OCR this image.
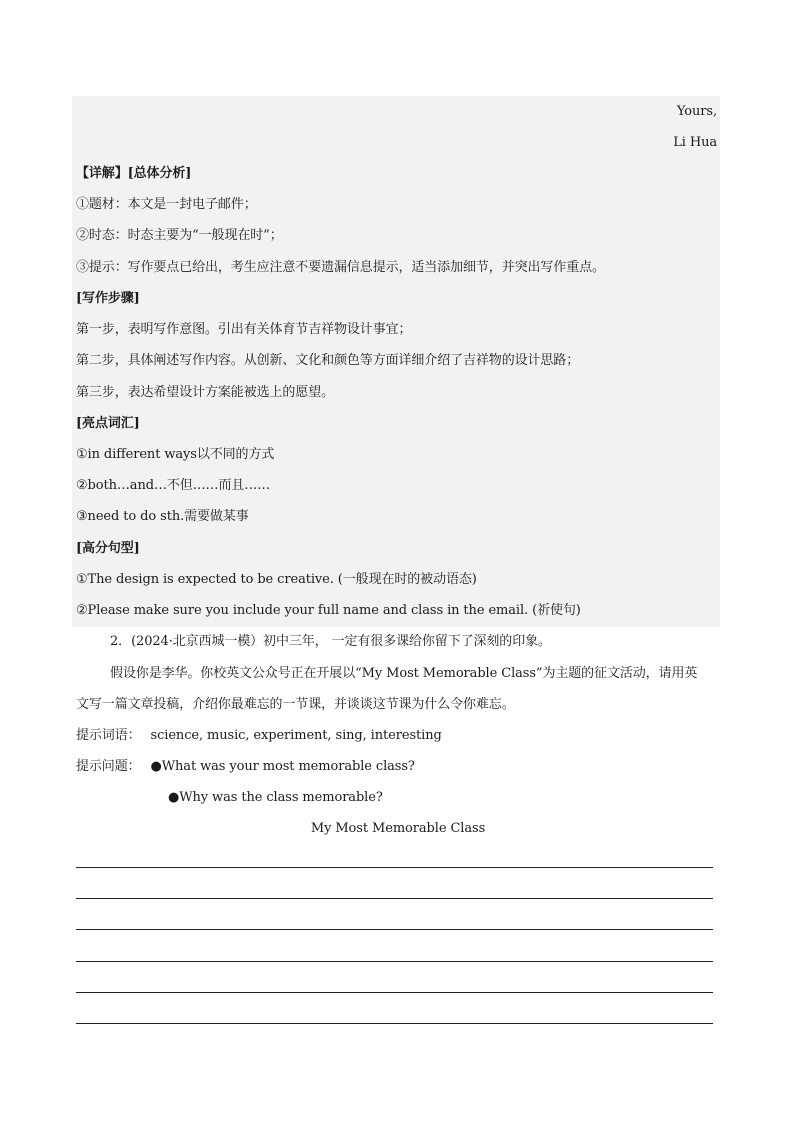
Yours,
Li Hua
【详解】[总体分析]
①题材：本文是一封电子邮件；
②时态：时态主要为“一般现在时”；
③提示：写作要点已给出，考生应注意不要遗漏信息提示，适当添加细节，并突出写作重点。
[写作步骤]
第一步，表明写作意图。引出有关体育节吉祥物设计事宜；
第二步，具体阐述写作内容。从创新、文化和颜色等方面详细介绍了吉祥物的设计思路；
第三步，表达希望设计方案能被选上的愿望。
[亮点词汇]
①in different ways以不同的方式
②both…and…不但……而且……
③need to do sth.需要做某事
[高分句型]
①The design is expected to be creative. (一般现在时的被动语态)
②Please make sure you include your full name and class in the email. (祈使句)
2．(2024·北京西城一模）初中三年， 一定有很多课给你留下了深刻的印象。
假设你是李华。你校英文公众号正在开展以“My Most Memorable Class”为主题的征文活动，请用英
文写一篇文章投稿，介绍你最难忘的一节课，并谈谈这节课为什么令你难忘。
提示词语： science, music, experiment, sing, interesting
提示问题： ●What was your most memorable class?
●Why was the class memorable?
My Most Memorable Class
